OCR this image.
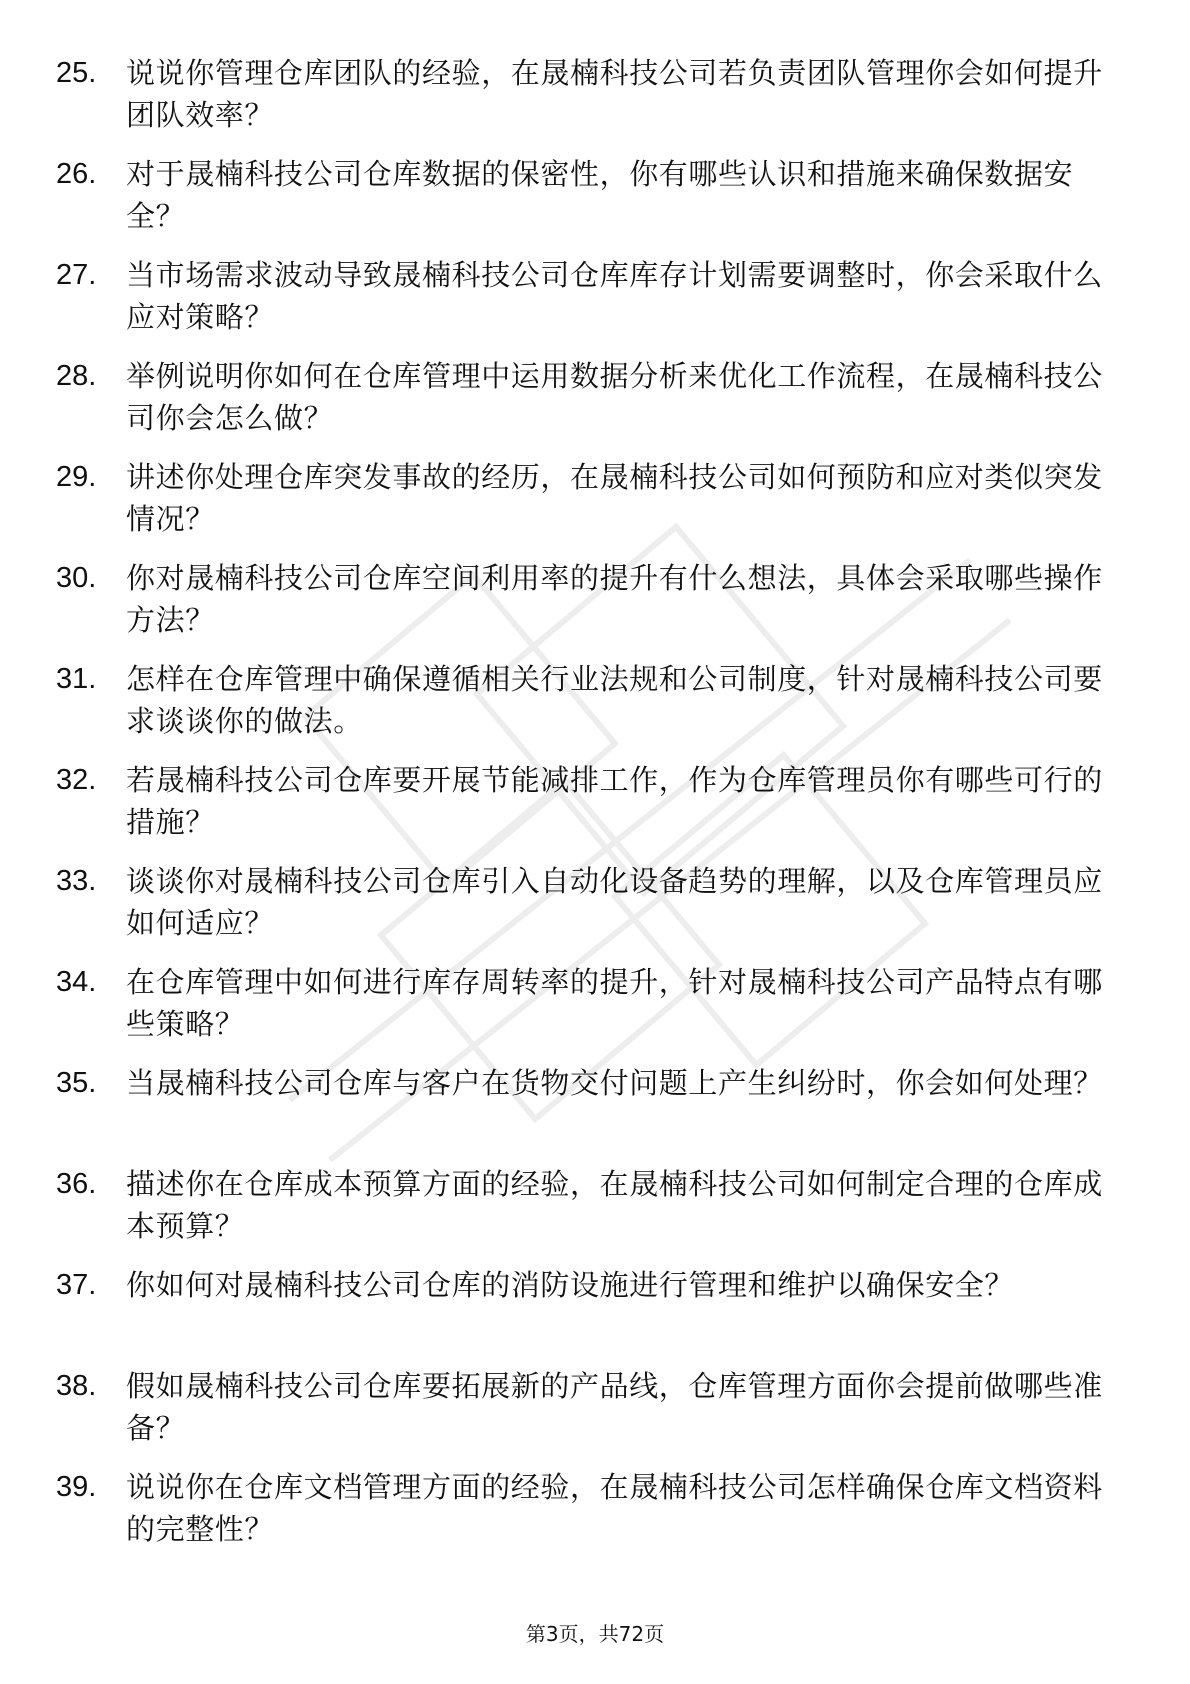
25.	说说你管理仓库团队的经验，在晟楠科技公司若负责团队管理你会如何提升团队效率？
26.	对于晟楠科技公司仓库数据的保密性，你有哪些认识和措施来确保数据安全？
27.	当市场需求波动导致晟楠科技公司仓库库存计划需要调整时，你会采取什么应对策略？
28.	举例说明你如何在仓库管理中运用数据分析来优化工作流程，在晟楠科技公司你会怎么做？
29.	讲述你处理仓库突发事故的经历，在晟楠科技公司如何预防和应对类似突发情况？
30.	你对晟楠科技公司仓库空间利用率的提升有什么想法，具体会采取哪些操作方法？
31.	怎样在仓库管理中确保遵循相关行业法规和公司制度，针对晟楠科技公司要求谈谈你的做法。
32.	若晟楠科技公司仓库要开展节能减排工作，作为仓库管理员你有哪些可行的措施？
33.	谈谈你对晟楠科技公司仓库引入自动化设备趋势的理解，以及仓库管理员应如何适应？
34.	在仓库管理中如何进行库存周转率的提升，针对晟楠科技公司产品特点有哪些策略？
35.	当晟楠科技公司仓库与客户在货物交付问题上产生纠纷时，你会如何处理？
36.	描述你在仓库成本预算方面的经验，在晟楠科技公司如何制定合理的仓库成本预算？
37.	你如何对晟楠科技公司仓库的消防设施进行管理和维护以确保安全？
38.	假如晟楠科技公司仓库要拓展新的产品线，仓库管理方面你会提前做哪些准备？
39.	说说你在仓库文档管理方面的经验，在晟楠科技公司怎样确保仓库文档资料的完整性？
第3页，共72页
